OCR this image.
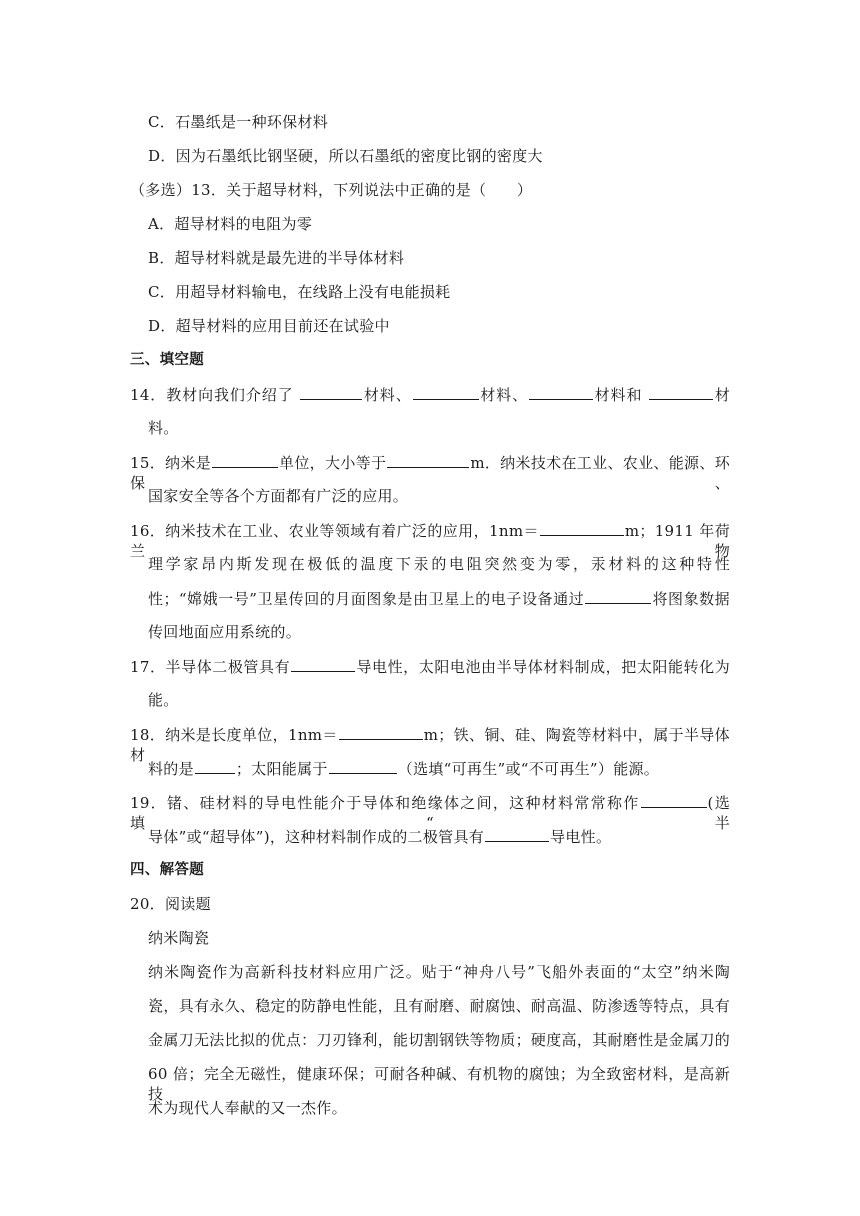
C．石墨纸是一种环保材料
D．因为石墨纸比钢坚硬，所以石墨纸的密度比钢的密度大
（多选）13．关于超导材料，下列说法中正确的是（　　）
A．超导材料的电阻为零
B．超导材料就是最先进的半导体材料
C．用超导材料输电，在线路上没有电能损耗
D．超导材料的应用目前还在试验中
三、填空题
14．教材向我们介绍了	材料、	材料、	材料和	材
料。
15．纳米是	单位，大小等于	m．纳米技术在工业、农业、能源、环保、
国家安全等各个方面都有广泛的应用。
16．纳米技术在工业、农业等领域有着广泛的应用，1nm＝	m；1911 年荷兰物
理学家昂内斯发现在极低的温度下汞的电阻突然变为零，汞材料的这种特性
性；“嫦娥一号”卫星传回的月面图象是由卫星上的电子设备通过	将图象数据
传回地面应用系统的。
17．半导体二极管具有	导电性，太阳电池由半导体材料制成，把太阳能转化为
能。
18．纳米是长度单位，1nm＝	m；铁、铜、硅、陶瓷等材料中，属于半导体材
料的是	；太阳能属于	（选填“可再生”或“不可再生”）能源。
19．锗、硅材料的导电性能介于导体和绝缘体之间，这种材料常常称作	(选填“半
导体”或“超导体”)，这种材料制作成的二极管具有	导电性。
四、解答题
20．阅读题
纳米陶瓷
纳米陶瓷作为高新科技材料应用广泛。贴于“神舟八号”飞船外表面的“太空”纳米陶
瓷，具有永久、稳定的防静电性能，且有耐磨、耐腐蚀、耐高温、防渗透等特点，具有
金属刀无法比拟的优点：刀刃锋利，能切割钢铁等物质；硬度高，其耐磨性是金属刀的
60 倍；完全无磁性，健康环保；可耐各种碱、有机物的腐蚀；为全致密材料，是高新技
术为现代人奉献的又一杰作。
